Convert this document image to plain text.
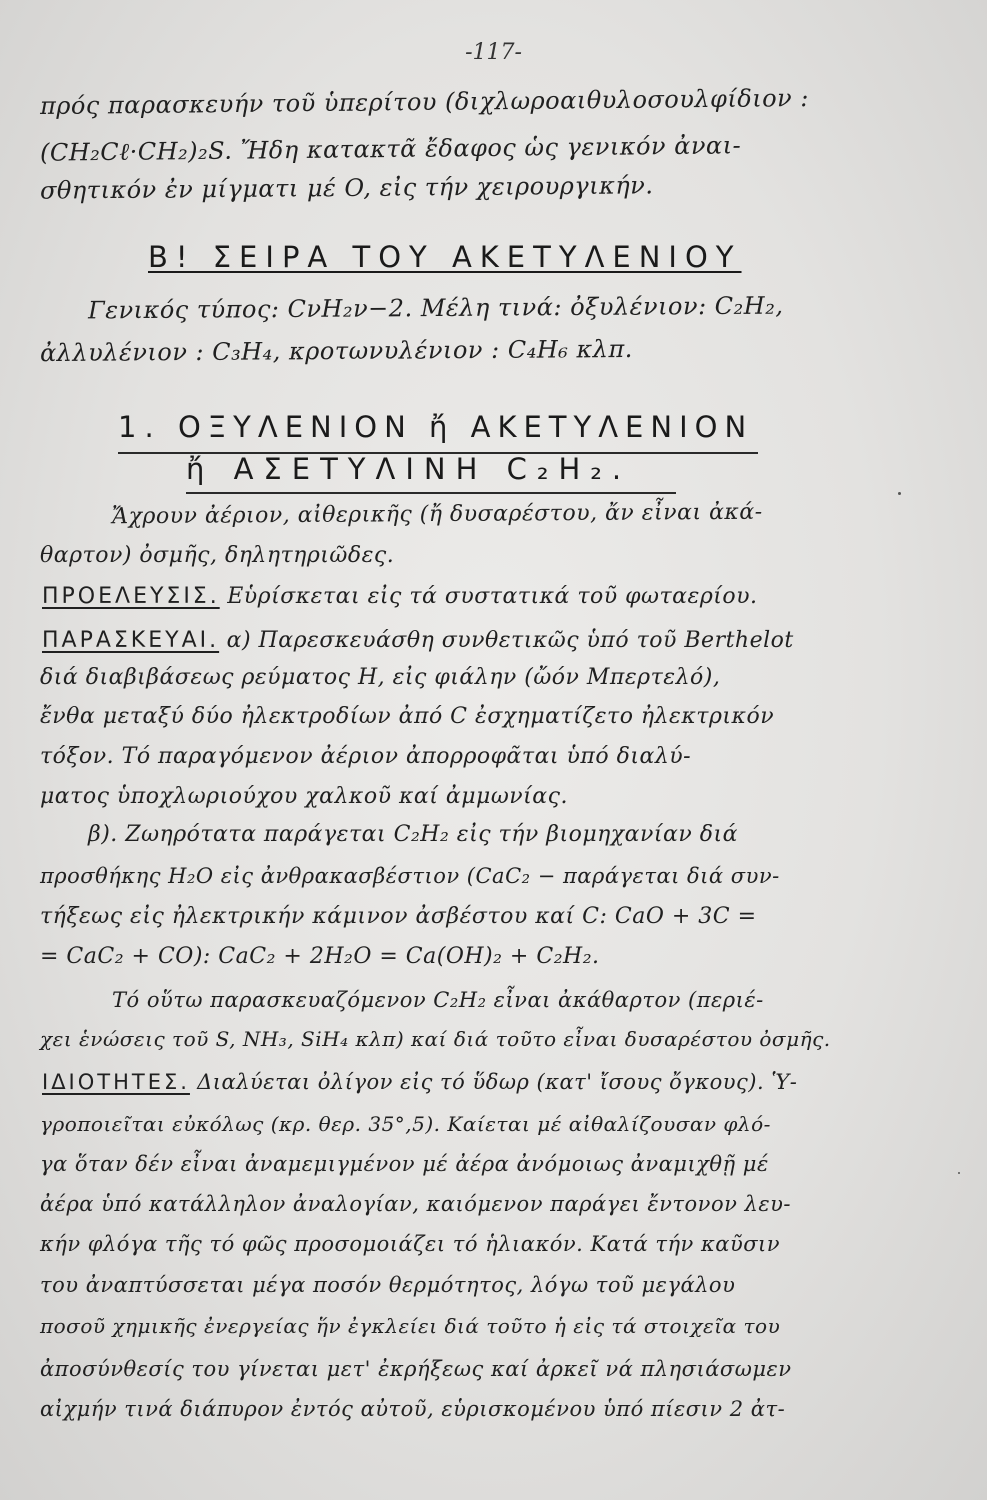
-117-
πρός παρασκευήν τοῦ ὑπερίτου (διχλωροαιθυλοσουλφίδιον :
(CH₂Cℓ·CH₂)₂S. Ἤδη κατακτᾶ ἔδαφος ὡς γενικόν ἀναι-
σθητικόν ἐν μίγματι μέ O, εἰς τήν χειρουργικήν.
Β! ΣΕΙΡΑ ΤΟΥ ΑΚΕΤΥΛΕΝΙΟΥ
Γενικός τύπος: CνH₂ν−2. Μέλη τινά: ὀξυλένιον: C₂H₂,
ἀλλυλένιον : C₃H₄, κροτωνυλένιον : C₄H₆ κλπ.
1. ΟΞΥΛΕΝΙΟΝ ἤ ΑΚΕΤΥΛΕΝΙΟΝ
ἤ ΑΣΕΤΥΛΙΝΗ C₂H₂.
Ἄχρουν ἀέριον, αἰθερικῆς (ἤ δυσαρέστου, ἄν εἶναι ἀκά-
θαρτον) ὀσμῆς, δηλητηριῶδες.
ΠΡΟΕΛΕΥΣΙΣ. Εὑρίσκεται εἰς τά συστατικά τοῦ φωταερίου.
ΠΑΡΑΣΚΕΥΑΙ. α) Παρεσκευάσθη συνθετικῶς ὑπό τοῦ Berthelot
διά διαβιβάσεως ρεύματος H, εἰς φιάλην (ὤόν Μπερτελό),
ἔνθα μεταξύ δύο ἠλεκτροδίων ἀπό C ἐσχηματίζετο ἠλεκτρικόν
τόξον. Τό παραγόμενον ἀέριον ἀπορροφᾶται ὑπό διαλύ-
ματος ὑποχλωριούχου χαλκοῦ καί ἀμμωνίας.
β). Ζωηρότατα παράγεται C₂H₂ εἰς τήν βιομηχανίαν διά
προσθήκης H₂O εἰς ἀνθρακασβέστιον (CaC₂ − παράγεται διά συν-
τήξεως εἰς ἠλεκτρικήν κάμινον ἀσβέστου καί C: CaO + 3C =
= CaC₂ + CO): CaC₂ + 2H₂O = Ca(OH)₂ + C₂H₂.
Τό οὕτω παρασκευαζόμενον C₂H₂ εἶναι ἀκάθαρτον (περιέ-
χει ἑνώσεις τοῦ S, NH₃, SiH₄ κλπ) καί διά τοῦτο εἶναι δυσαρέστου ὀσμῆς.
ΙΔΙΟΤΗΤΕΣ. Διαλύεται ὀλίγον εἰς τό ὕδωρ (κατ' ἴσους ὄγκους). Ὑ-
γροποιεῖται εὐκόλως (κρ. θερ. 35°,5). Καίεται μέ αἰθαλίζουσαν φλό-
γα ὅταν δέν εἶναι ἀναμεμιγμένον μέ ἀέρα ἀνόμοιως ἀναμιχθῇ μέ
ἀέρα ὑπό κατάλληλον ἀναλογίαν, καιόμενον παράγει ἔντονον λευ-
κήν φλόγα τῆς τό φῶς προσομοιάζει τό ἡλιακόν. Κατά τήν καῦσιν
του ἀναπτύσσεται μέγα ποσόν θερμότητος, λόγω τοῦ μεγάλου
ποσοῦ χημικῆς ἐνεργείας ἥν ἐγκλείει διά τοῦτο ἡ εἰς τά στοιχεῖα του
ἀποσύνθεσίς του γίνεται μετ' ἐκρήξεως καί ἀρκεῖ νά πλησιάσωμεν
αἰχμήν τινά διάπυρον ἐντός αὐτοῦ, εὑρισκομένου ὑπό πίεσιν 2 ἀτ-
